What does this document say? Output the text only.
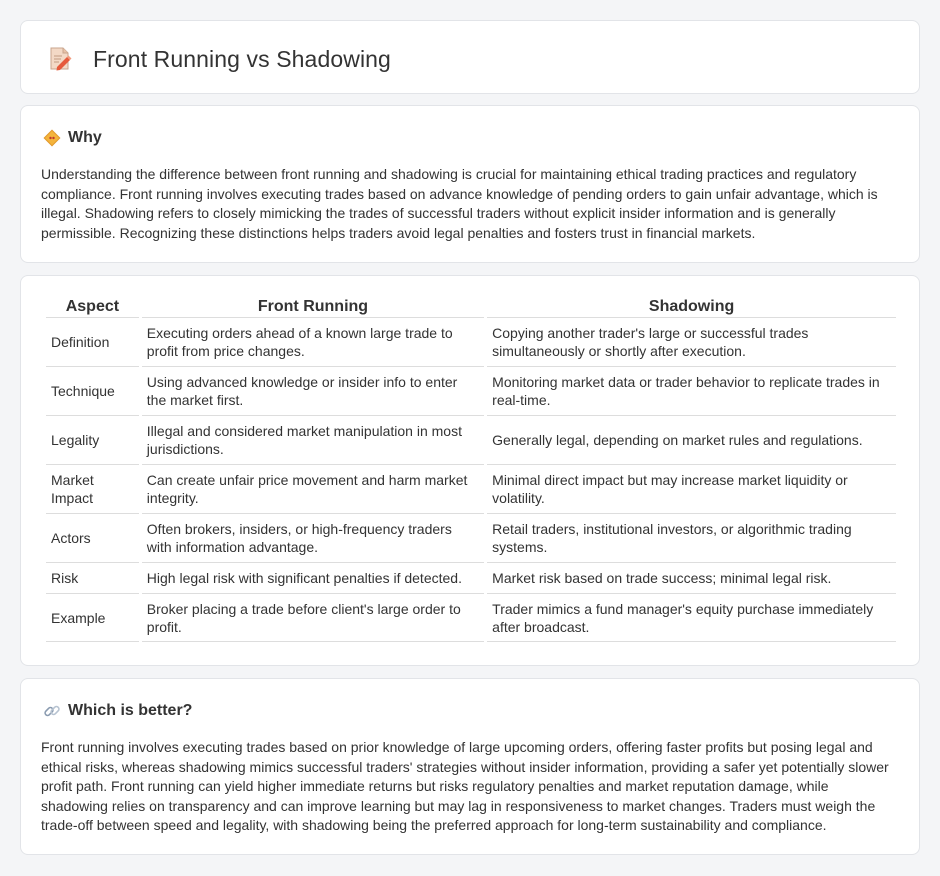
Front Running vs Shadowing
Why

Understanding the difference between front running and shadowing is crucial for maintaining ethical trading practices and regulatory compliance. Front running involves executing trades based on advance knowledge of pending orders to gain unfair advantage, which is illegal. Shadowing refers to closely mimicking the trades of successful traders without explicit insider information and is generally permissible. Recognizing these distinctions helps traders avoid legal penalties and fosters trust in financial markets.

Aspect	Front Running	Shadowing
Definition	Executing orders ahead of a known large trade to profit from price changes.	Copying another trader's large or successful trades simultaneously or shortly after execution.
Technique	Using advanced knowledge or insider info to enter the market first.	Monitoring market data or trader behavior to replicate trades in real-time.
Legality	Illegal and considered market manipulation in most jurisdictions.	Generally legal, depending on market rules and regulations.
Market Impact	Can create unfair price movement and harm market integrity.	Minimal direct impact but may increase market liquidity or volatility.
Actors	Often brokers, insiders, or high-frequency traders with information advantage.	Retail traders, institutional investors, or algorithmic trading systems.
Risk	High legal risk with significant penalties if detected.	Market risk based on trade success; minimal legal risk.
Example	Broker placing a trade before client's large order to profit.	Trader mimics a fund manager's equity purchase immediately after broadcast.
Which is better?

Front running involves executing trades based on prior knowledge of large upcoming orders, offering faster profits but posing legal and ethical risks, whereas shadowing mimics successful traders' strategies without insider information, providing a safer yet potentially slower profit path. Front running can yield higher immediate returns but risks regulatory penalties and market reputation damage, while shadowing relies on transparency and can improve learning but may lag in responsiveness to market changes. Traders must weigh the trade-off between speed and legality, with shadowing being the preferred approach for long-term sustainability and compliance.
